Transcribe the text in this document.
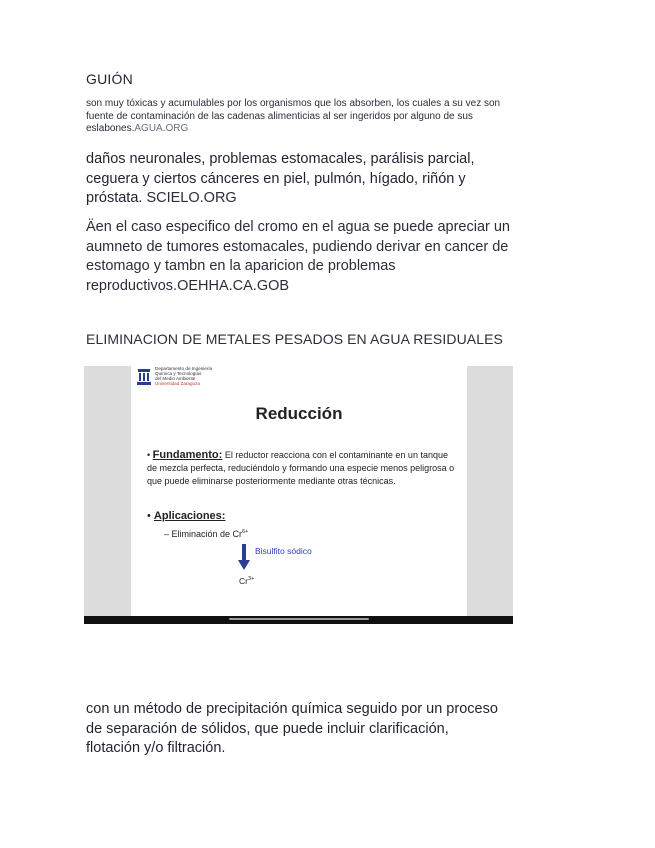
GUIÓN
son muy tóxicas y acumulables por los organismos que los absorben, los cuales a su vez son fuente de contaminación de las cadenas alimenticias al ser ingeridos por alguno de sus eslabones.AGUA.ORG
daños neuronales, problemas estomacales, parálisis parcial, ceguera y ciertos cánceres en piel, pulmón, hígado, riñón y próstata. SCIELO.ORG
Äen el caso especifico del cromo en el agua se puede apreciar un aumneto de tumores estomacales, pudiendo derivar en cancer de estomago y tambn en la aparicion de problemas reproductivos.OEHHA.CA.GOB
ELIMINACION DE METALES PESADOS EN AGUA RESIDUALES
Departamento de Ingeniería
Química y Tecnologías
del Medio Ambiente
Universidad Zaragoza
Reducción
• Fundamento: El reductor reacciona con el contaminante en un tanque de mezcla perfecta, reduciéndolo y formando una especie menos peligrosa o que puede eliminarse posteriormente mediante otras técnicas.
• Aplicaciones:
– Eliminación de $Cr^{6+}$
Bisulfito sódico
$Cr^{3+}$
con un método de precipitación química seguido por un proceso de separación de sólidos, que puede incluir clarificación, flotación y/o filtración.
